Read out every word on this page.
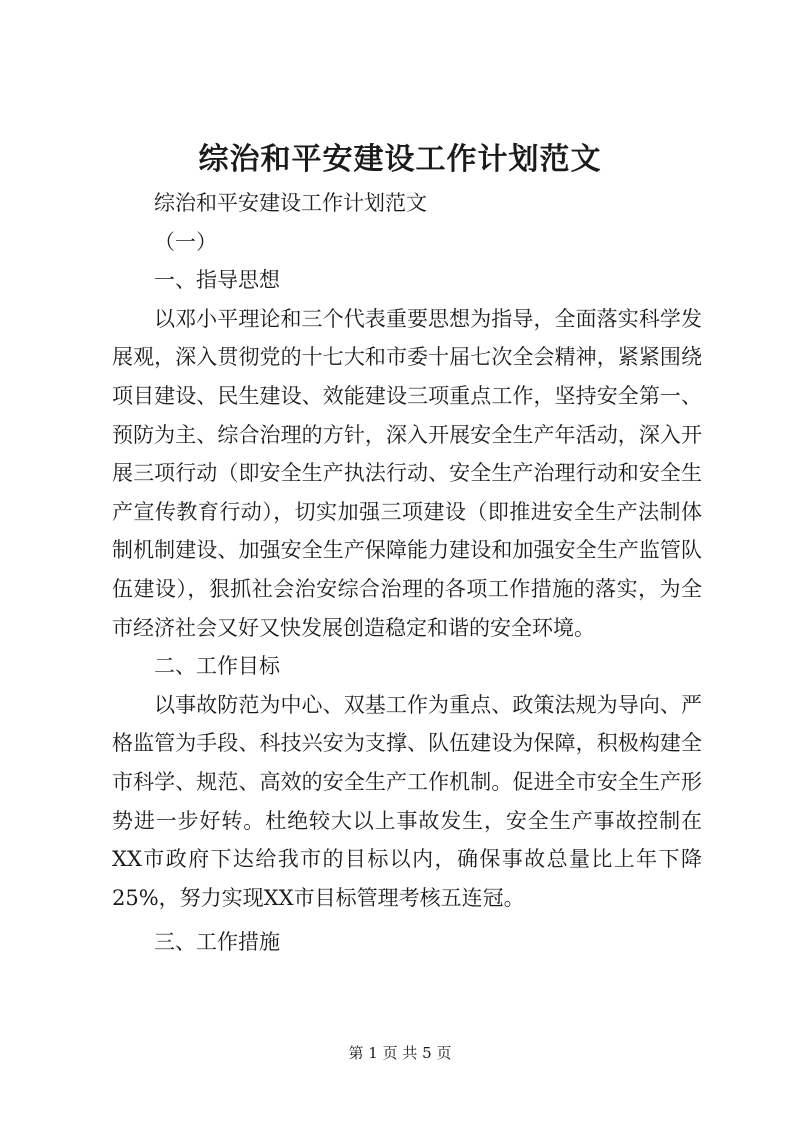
综治和平安建设工作计划范文

综治和平安建设工作计划范文

（一）

一、指导思想

以邓小平理论和三个代表重要思想为指导，全面落实科学发展观，深入贯彻党的十七大和市委十届七次全会精神，紧紧围绕项目建设、民生建设、效能建设三项重点工作，坚持安全第一、预防为主、综合治理的方针，深入开展安全生产年活动，深入开展三项行动（即安全生产执法行动、安全生产治理行动和安全生产宣传教育行动），切实加强三项建设（即推进安全生产法制体制机制建设、加强安全生产保障能力建设和加强安全生产监管队伍建设），狠抓社会治安综合治理的各项工作措施的落实，为全市经济社会又好又快发展创造稳定和谐的安全环境。

二、工作目标

以事故防范为中心、双基工作为重点、政策法规为导向、严格监管为手段、科技兴安为支撑、队伍建设为保障，积极构建全市科学、规范、高效的安全生产工作机制。促进全市安全生产形势进一步好转。杜绝较大以上事故发生，安全生产事故控制在XX市政府下达给我市的目标以内，确保事故总量比上年下降25%，努力实现XX市目标管理考核五连冠。

三、工作措施

第 1 页 共 5 页
